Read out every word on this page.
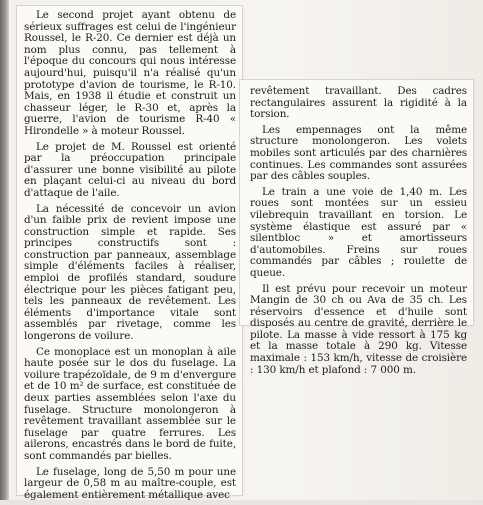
Le second projet ayant obtenu de sérieux suffrages est celui de l'ingénieur Roussel, le R-20. Ce dernier est déjà un nom plus connu, pas tellement à l'époque du concours qui nous intéresse aujourd'hui, puisqu'il n'a réalisé qu'un prototype d'avion de tourisme, le R-10. Mais, en 1938 il étudie et construit un chasseur léger, le R-30 et, après la guerre, l'avion de tourisme R-40 « Hirondelle » à moteur Roussel.

Le projet de M. Roussel est orienté par la préoccupation principale d'assurer une bonne visibilité au pilote en plaçant celui-ci au niveau du bord d'attaque de l'aile.

La nécessité de concevoir un avion d'un faible prix de revient impose une construction simple et rapide. Ses principes constructifs sont : construction par panneaux, assemblage simple d'éléments faciles à réaliser, emploi de profilés standard, soudure électrique pour les pièces fatigant peu, tels les panneaux de revêtement. Les éléments d'importance vitale sont assemblés par rivetage, comme les longerons de voilure.

Ce monoplace est un monoplan à aile haute posée sur le dos du fuselage. La voilure trapézoïdale, de 9 m d'envergure et de 10 m² de surface, est constituée de deux parties assemblées selon l'axe du fuselage. Structure monolongeron à revêtement travaillant assemblée sur le fuselage par quatre ferrures. Les ailerons, encastrés dans le bord de fuite, sont commandés par bielles.

Le fuselage, long de 5,50 m pour une largeur de 0,58 m au maître-couple, est également entièrement métallique avec

revêtement travaillant. Des cadres rectangulaires assurent la rigidité à la torsion.

Les empennages ont la même structure monolongeron. Les volets mobiles sont articulés par des charnières continues. Les commandes sont assurées par des câbles souples.

Le train a une voie de 1,40 m. Les roues sont montées sur un essieu vilebrequin travaillant en torsion. Le système élastique est assuré par « silentbloc » et amortisseurs d'automobiles. Freins sur roues commandés par câbles ; roulette de queue.

Il est prévu pour recevoir un moteur Mangin de 30 ch ou Ava de 35 ch. Les réservoirs d'essence et d'huile sont disposés au centre de gravité, derrière le pilote. La masse à vide ressort à 175 kg et la masse totale à 290 kg. Vitesse maximale : 153 km/h, vitesse de croisière : 130 km/h et plafond : 7 000 m.
